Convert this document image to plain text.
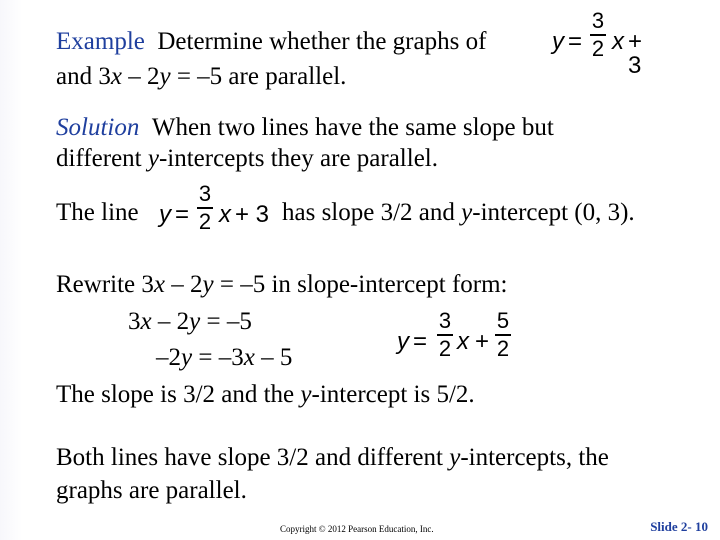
Example Determine whether the graphs of	y =
3
2 x + 3
and 3x – 2y = –5 are parallel.
Solution When two lines have the same slope but
different y-intercepts they are parallel.
The line y =
3
2 x + 3 has slope 3/2 and y-intercept (0, 3).
Rewrite 3x – 2y = –5 in slope-intercept form:
3x – 2y = –5
–2y = –3x – 5
y =
3
2 x +
5
2
The slope is 3/2 and the y-intercept is 5/2.
Both lines have slope 3/2 and different y-intercepts, the
graphs are parallel.
Copyright © 2012 Pearson Education, Inc.	Slide 2- 10
